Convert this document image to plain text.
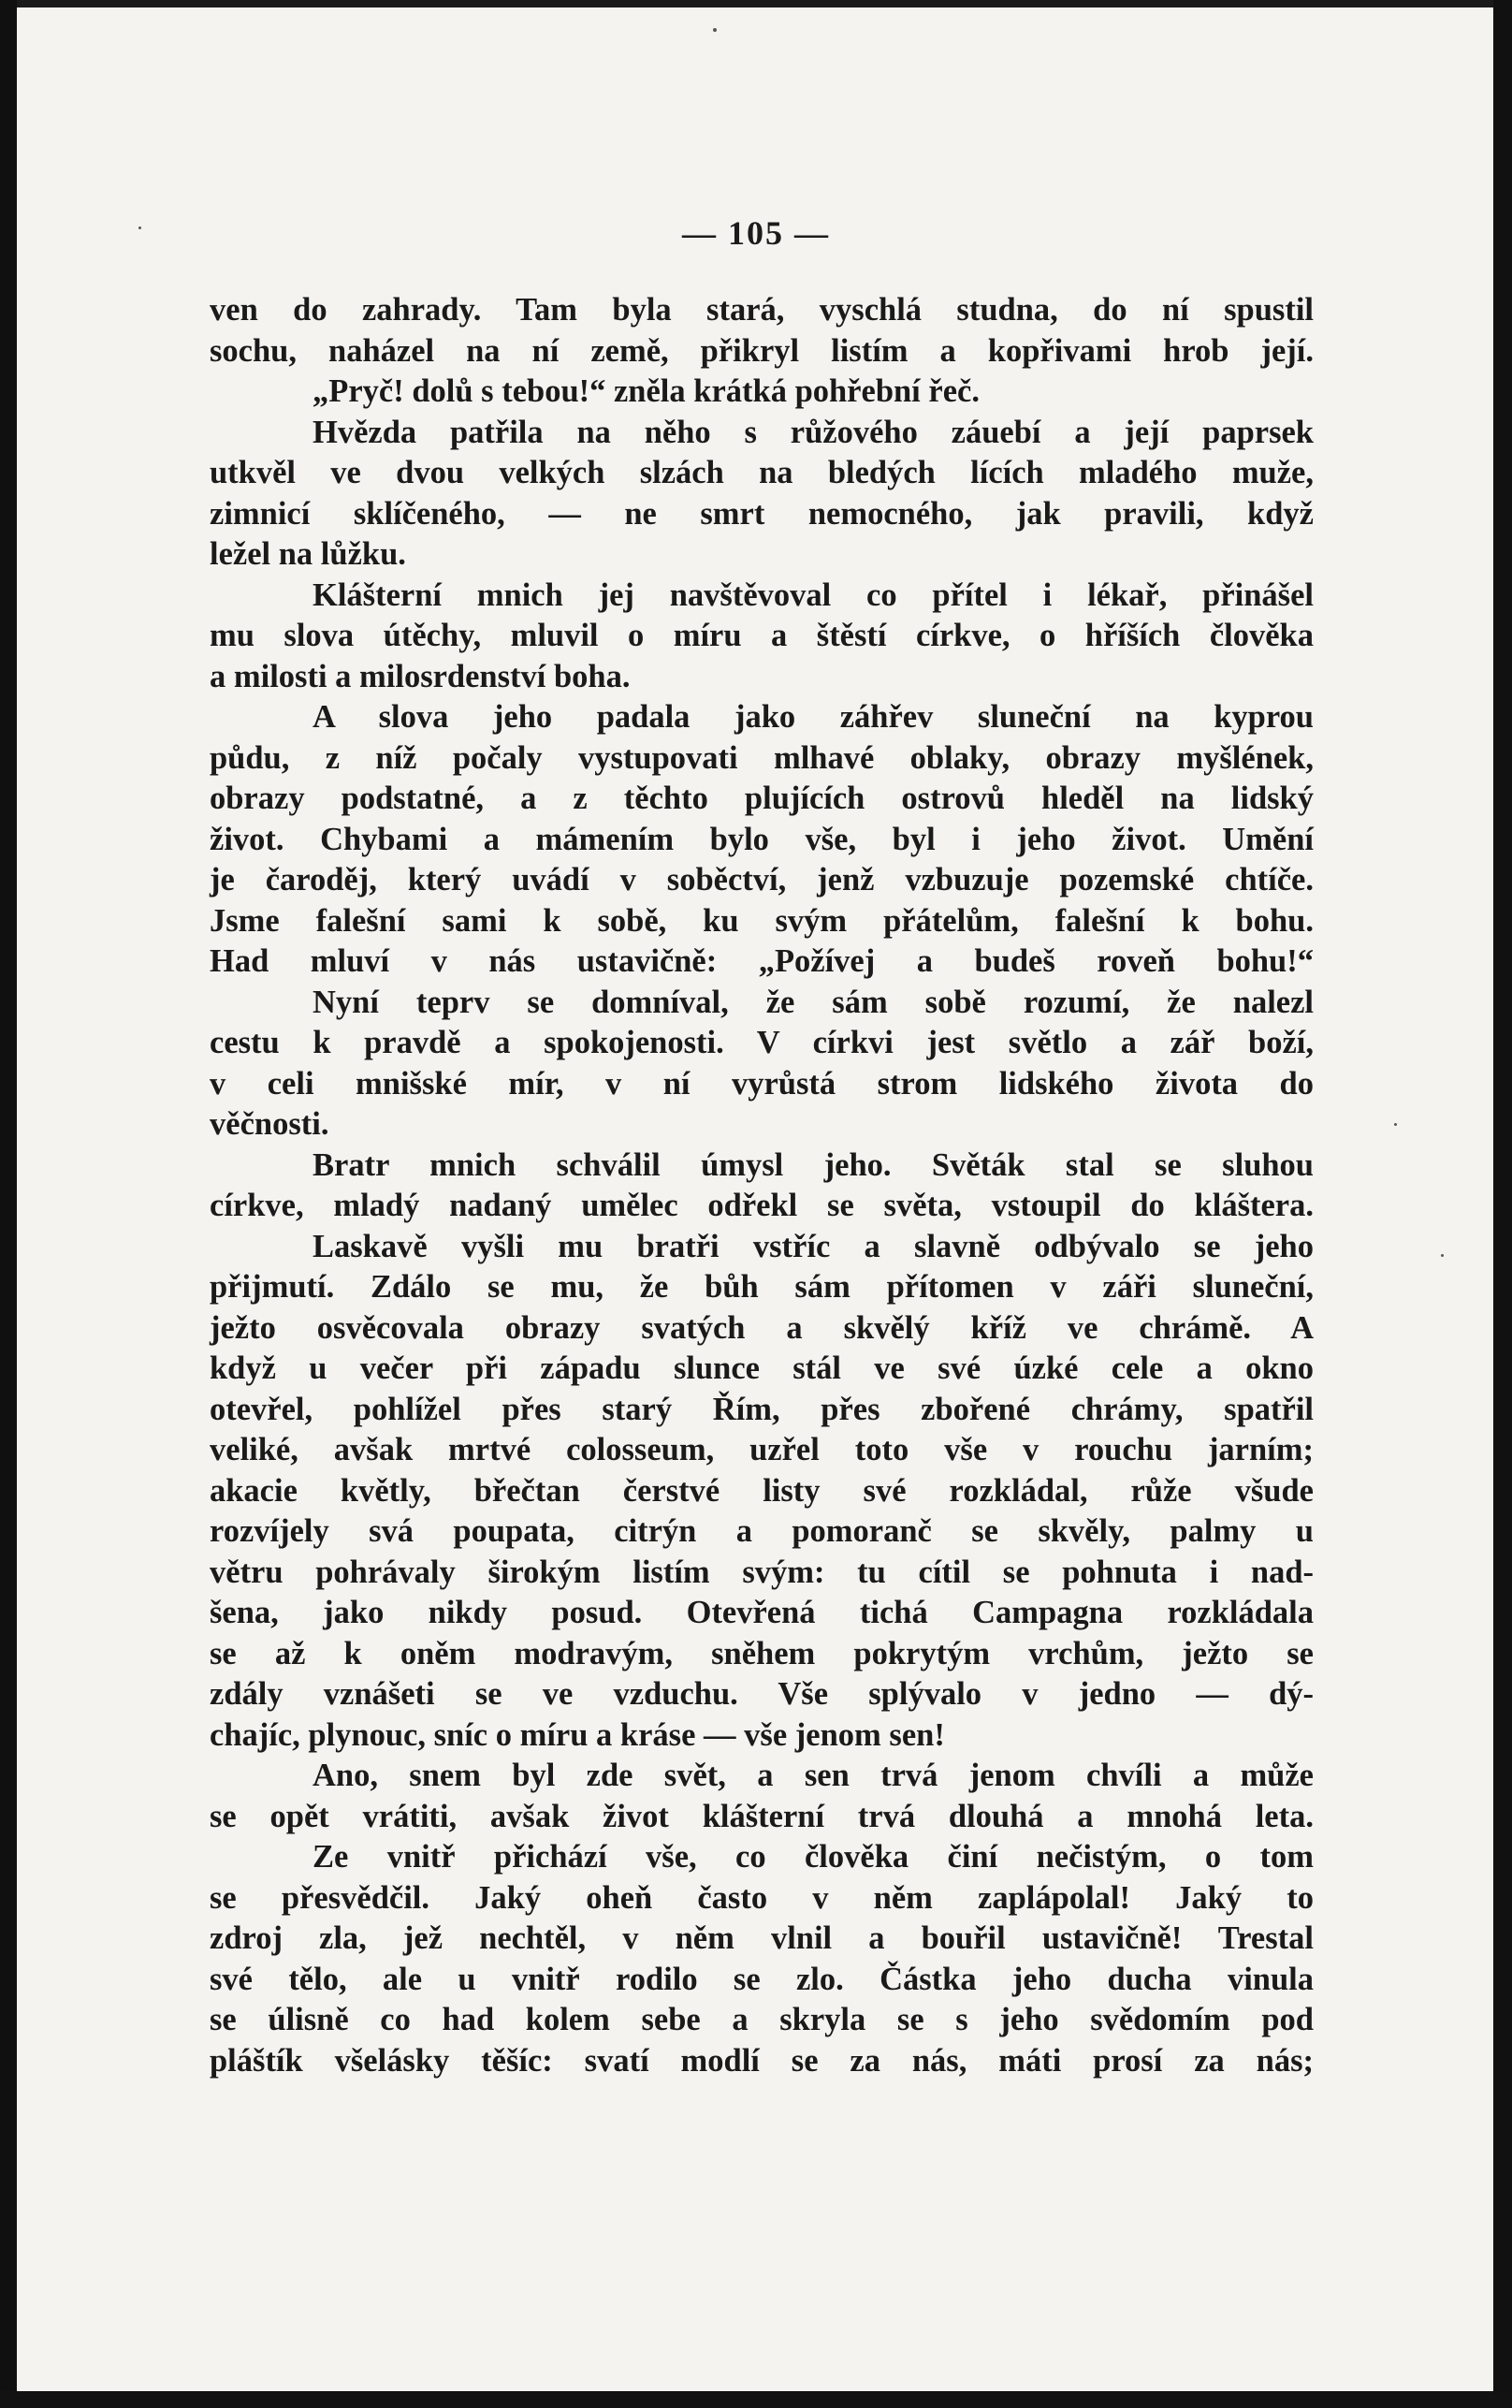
— 105 —
ven do zahrady. Tam byla stará, vyschlá studna, do ní spustil
sochu, naházel na ní země, přikryl listím a kopřivami hrob její.
„Pryč! dolů s tebou!“ zněla krátká pohřební řeč.
Hvězda patřila na něho s růžového záuebí a její paprsek
utkvěl ve dvou velkých slzách na bledých lících mladého muže,
zimnicí sklíčeného, — ne smrt nemocného, jak pravili, když
ležel na lůžku.
Klášterní mnich jej navštěvoval co přítel i lékař, přinášel
mu slova útěchy, mluvil o míru a štěstí církve, o hříších člověka
a milosti a milosrdenství boha.
A slova jeho padala jako záhřev sluneční na kyprou
půdu, z níž počaly vystupovati mlhavé oblaky, obrazy myšlének,
obrazy podstatné, a z těchto plujících ostrovů hleděl na lidský
život. Chybami a mámením bylo vše, byl i jeho život. Umění
je čaroděj, který uvádí v soběctví, jenž vzbuzuje pozemské chtíče.
Jsme falešní sami k sobě, ku svým přátelům, falešní k bohu.
Had mluví v nás ustavičně: „Požívej a budeš roveň bohu!“
Nyní teprv se domníval, že sám sobě rozumí, že nalezl
cestu k pravdě a spokojenosti. V církvi jest světlo a zář boží,
v celi mnišské mír, v ní vyrůstá strom lidského života do
věčnosti.
Bratr mnich schválil úmysl jeho. Světák stal se sluhou
církve, mladý nadaný umělec odřekl se světa, vstoupil do kláštera.
Laskavě vyšli mu bratři vstříc a slavně odbývalo se jeho
přijmutí. Zdálo se mu, že bůh sám přítomen v záři sluneční,
ježto osvěcovala obrazy svatých a skvělý kříž ve chrámě. A
když u večer při západu slunce stál ve své úzké cele a okno
otevřel, pohlížel přes starý Řím, přes zbořené chrámy, spatřil
veliké, avšak mrtvé colosseum, uzřel toto vše v rouchu jarním;
akacie květly, břečtan čerstvé listy své rozkládal, růže všude
rozvíjely svá poupata, citrýn a pomoranč se skvěly, palmy u
větru pohrávaly širokým listím svým: tu cítil se pohnuta i nad-
šena, jako nikdy posud. Otevřená tichá Campagna rozkládala
se až k oněm modravým, sněhem pokrytým vrchům, ježto se
zdály vznášeti se ve vzduchu. Vše splývalo v jedno — dý-
chajíc, plynouc, sníc o míru a kráse — vše jenom sen!
Ano, snem byl zde svět, a sen trvá jenom chvíli a může
se opět vrátiti, avšak život klášterní trvá dlouhá a mnohá leta.
Ze vnitř přichází vše, co člověka činí nečistým, o tom
se přesvědčil. Jaký oheň často v něm zaplápolal! Jaký to
zdroj zla, jež nechtěl, v něm vlnil a bouřil ustavičně! Trestal
své tělo, ale u vnitř rodilo se zlo. Částka jeho ducha vinula
se úlisně co had kolem sebe a skryla se s jeho svědomím pod
pláštík všelásky těšíc: svatí modlí se za nás, máti prosí za nás;
